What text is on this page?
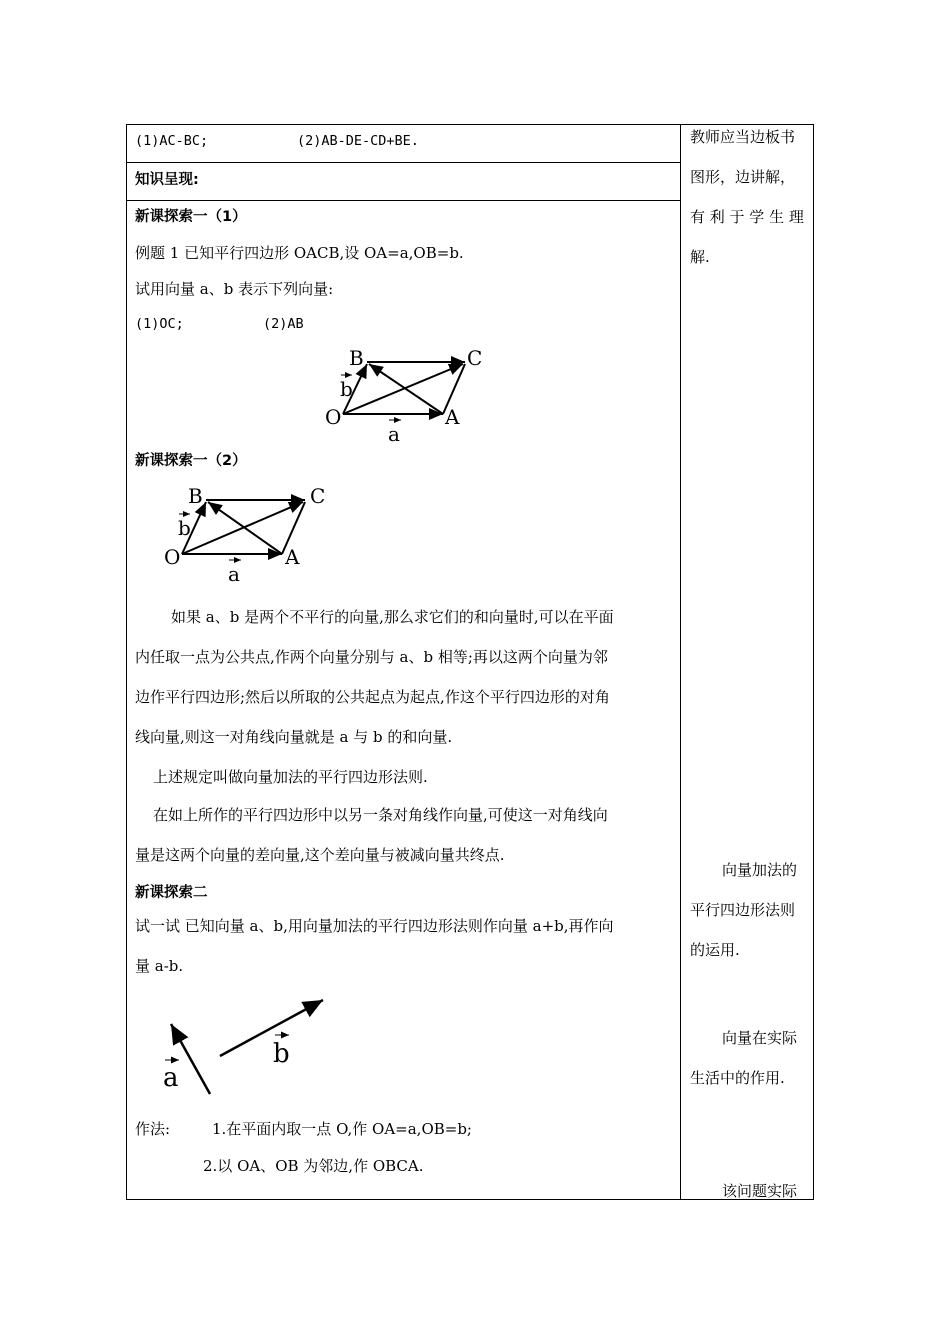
(1)AC-BC;	(2)AB-DE-CD+BE.
知识呈现:
新课探索一（1）
例题 1 已知平行四边形 OACB,设 OA=a,OB=b.
试用向量 a、b 表示下列向量:
(1)OC;	(2)AB
B	C
O	A
a
b
新课探索一（2）
B	C
O	A
a
b
如果 a、b 是两个不平行的向量,那么求它们的和向量时,可以在平面
内任取一点为公共点,作两个向量分别与 a、b 相等;再以这两个向量为邻
边作平行四边形;然后以所取的公共起点为起点,作这个平行四边形的对角
线向量,则这一对角线向量就是 a 与 b 的和向量.
上述规定叫做向量加法的平行四边形法则.
在如上所作的平行四边形中以另一条对角线作向量,可使这一对角线向
量是这两个向量的差向量,这个差向量与被减向量共终点.
新课探索二
试一试 已知向量 a、b,用向量加法的平行四边形法则作向量 a+b,再作向
量 a-b.
a
b
作法:	1.在平面内取一点 O,作 OA=a,OB=b;
2.以 OA、OB 为邻边,作 OBCA.
教师应当边板书
图形，边讲解，
有 利 于 学 生 理
解.
向量加法的
平行四边形法则
的运用.
向量在实际
生活中的作用.
该问题实际
